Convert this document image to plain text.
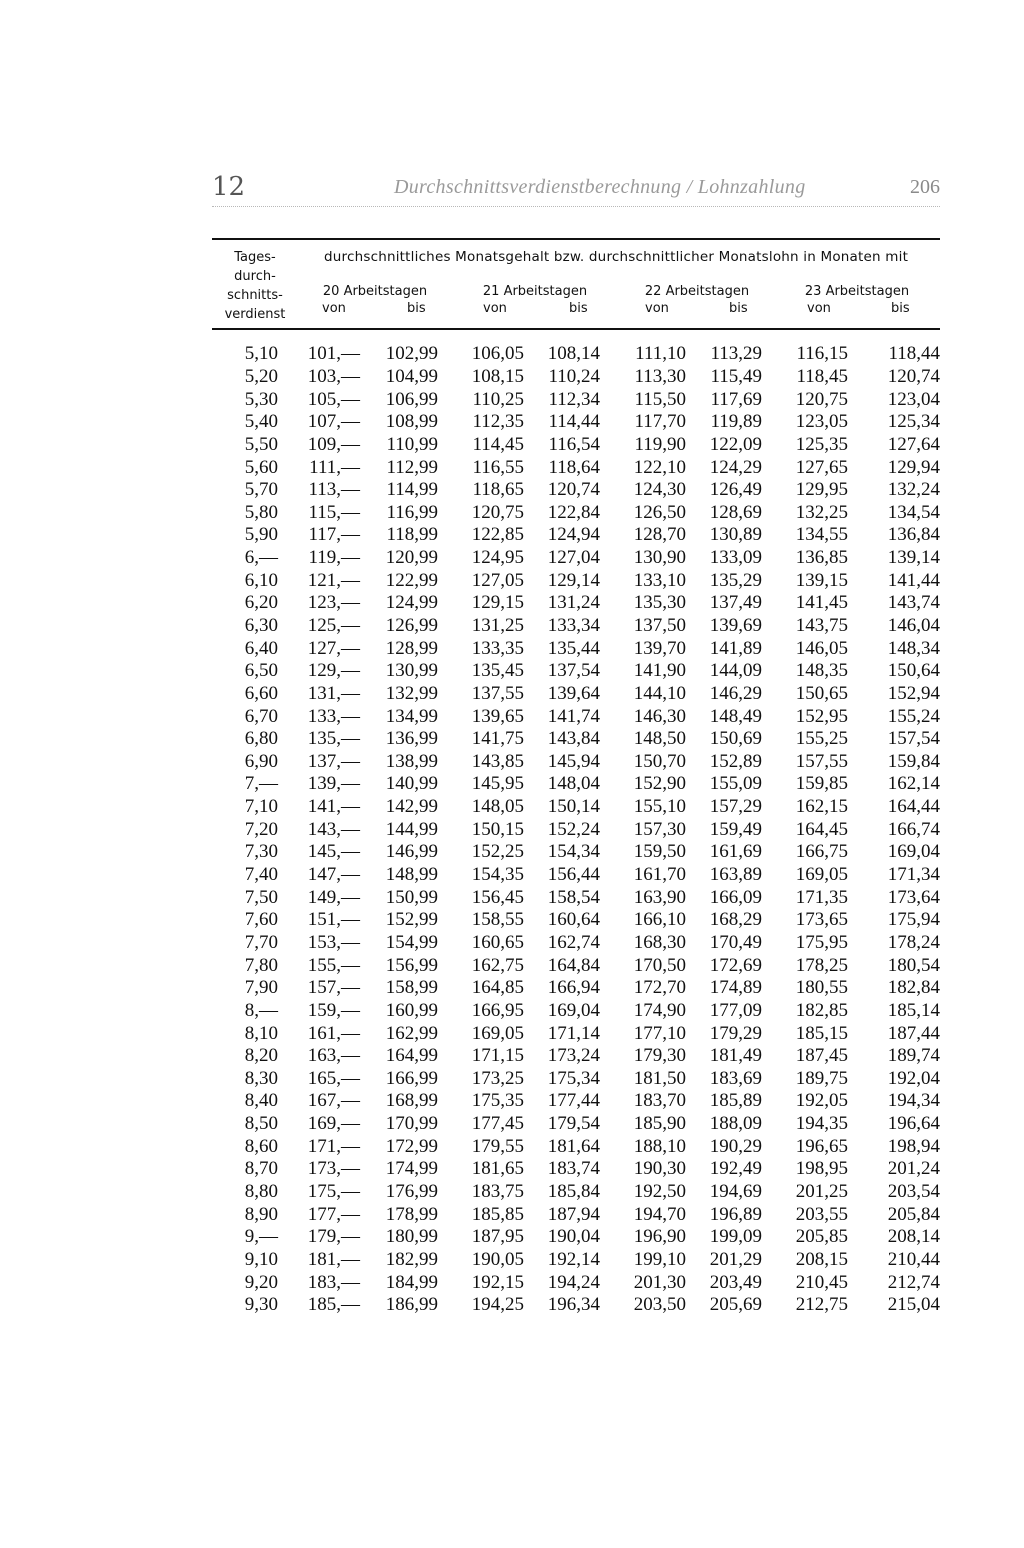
12	Durchschnittsverdienstberechnung / Lohnzahlung	206
Tages-
durch-
schnitts-
verdienst
durchschnittliches Monatsgehalt bzw. durchschnittlicher Monatslohn in Monaten mit
20 Arbeitstagen
von	bis
21 Arbeitstagen
von	bis
22 Arbeitstagen
von	bis
23 Arbeitstagen
von	bis
5,10	101,—	102,99	106,05	108,14	111,10	113,29	116,15	118,44
5,20	103,—	104,99	108,15	110,24	113,30	115,49	118,45	120,74
5,30	105,—	106,99	110,25	112,34	115,50	117,69	120,75	123,04
5,40	107,—	108,99	112,35	114,44	117,70	119,89	123,05	125,34
5,50	109,—	110,99	114,45	116,54	119,90	122,09	125,35	127,64
5,60	111,—	112,99	116,55	118,64	122,10	124,29	127,65	129,94
5,70	113,—	114,99	118,65	120,74	124,30	126,49	129,95	132,24
5,80	115,—	116,99	120,75	122,84	126,50	128,69	132,25	134,54
5,90	117,—	118,99	122,85	124,94	128,70	130,89	134,55	136,84
6,—	119,—	120,99	124,95	127,04	130,90	133,09	136,85	139,14
6,10	121,—	122,99	127,05	129,14	133,10	135,29	139,15	141,44
6,20	123,—	124,99	129,15	131,24	135,30	137,49	141,45	143,74
6,30	125,—	126,99	131,25	133,34	137,50	139,69	143,75	146,04
6,40	127,—	128,99	133,35	135,44	139,70	141,89	146,05	148,34
6,50	129,—	130,99	135,45	137,54	141,90	144,09	148,35	150,64
6,60	131,—	132,99	137,55	139,64	144,10	146,29	150,65	152,94
6,70	133,—	134,99	139,65	141,74	146,30	148,49	152,95	155,24
6,80	135,—	136,99	141,75	143,84	148,50	150,69	155,25	157,54
6,90	137,—	138,99	143,85	145,94	150,70	152,89	157,55	159,84
7,—	139,—	140,99	145,95	148,04	152,90	155,09	159,85	162,14
7,10	141,—	142,99	148,05	150,14	155,10	157,29	162,15	164,44
7,20	143,—	144,99	150,15	152,24	157,30	159,49	164,45	166,74
7,30	145,—	146,99	152,25	154,34	159,50	161,69	166,75	169,04
7,40	147,—	148,99	154,35	156,44	161,70	163,89	169,05	171,34
7,50	149,—	150,99	156,45	158,54	163,90	166,09	171,35	173,64
7,60	151,—	152,99	158,55	160,64	166,10	168,29	173,65	175,94
7,70	153,—	154,99	160,65	162,74	168,30	170,49	175,95	178,24
7,80	155,—	156,99	162,75	164,84	170,50	172,69	178,25	180,54
7,90	157,—	158,99	164,85	166,94	172,70	174,89	180,55	182,84
8,—	159,—	160,99	166,95	169,04	174,90	177,09	182,85	185,14
8,10	161,—	162,99	169,05	171,14	177,10	179,29	185,15	187,44
8,20	163,—	164,99	171,15	173,24	179,30	181,49	187,45	189,74
8,30	165,—	166,99	173,25	175,34	181,50	183,69	189,75	192,04
8,40	167,—	168,99	175,35	177,44	183,70	185,89	192,05	194,34
8,50	169,—	170,99	177,45	179,54	185,90	188,09	194,35	196,64
8,60	171,—	172,99	179,55	181,64	188,10	190,29	196,65	198,94
8,70	173,—	174,99	181,65	183,74	190,30	192,49	198,95	201,24
8,80	175,—	176,99	183,75	185,84	192,50	194,69	201,25	203,54
8,90	177,—	178,99	185,85	187,94	194,70	196,89	203,55	205,84
9,—	179,—	180,99	187,95	190,04	196,90	199,09	205,85	208,14
9,10	181,—	182,99	190,05	192,14	199,10	201,29	208,15	210,44
9,20	183,—	184,99	192,15	194,24	201,30	203,49	210,45	212,74
9,30	185,—	186,99	194,25	196,34	203,50	205,69	212,75	215,04
